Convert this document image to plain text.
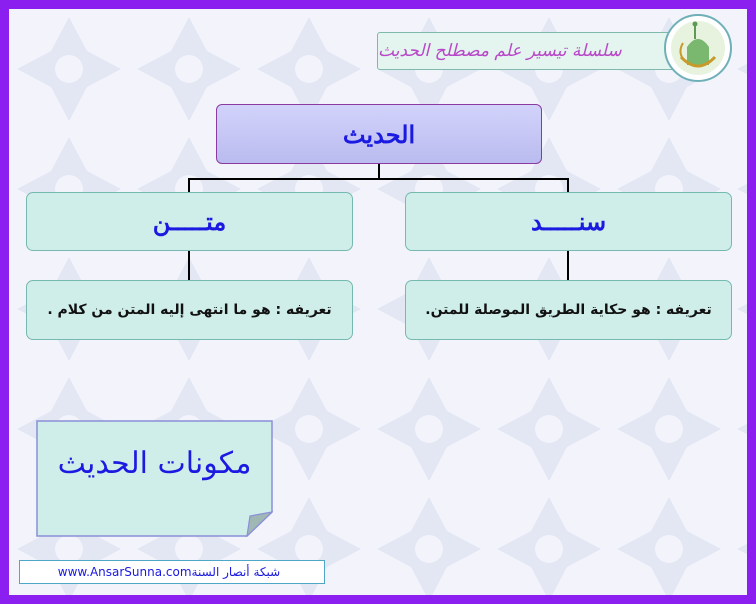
سلسلة تيسير علم مصطلح الحديث
الحديث
سنـــــد
متـــــن
تعريفه : هو حكاية الطريق الموصلة للمتن.
تعريفه : هو ما انتهى إليه المتن من كلام .
مكونات الحديث
www.AnsarSunna.com شبكة أنصار السنة
